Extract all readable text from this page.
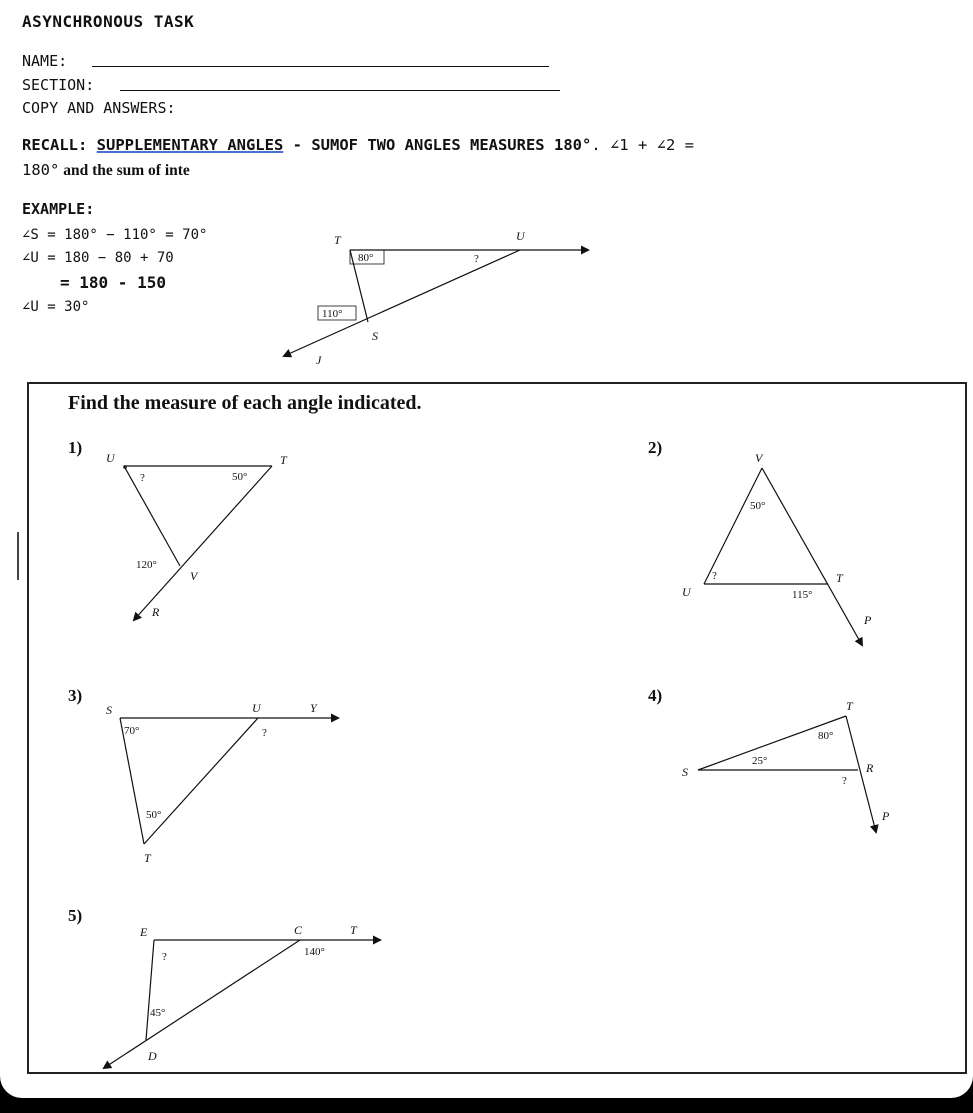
ASYNCHRONOUS TASK
NAME:
SECTION:
COPY AND ANSWERS:
RECALL: SUPPLEMENTARY ANGLES - SUMOF TWO ANGLES MEASURES 180°. ∠1 + ∠2 =
180° and the sum of inte
EXAMPLE:
∠S = 180° − 110° = 70°
∠U = 180 − 80 + 70
= 180 - 150
∠U = 30°
Find the measure of each angle indicated.
1)	2)
3)	4)
5)
T	U
S
J
80°	?
110°
U	T
V
R
?	50°
120°
V
U
T
P
50°
?
115°
S	U	Y
T
70°	?
50°
T
S	R
P
80°
25°
?
E	C	T
D
?	140°
45°
